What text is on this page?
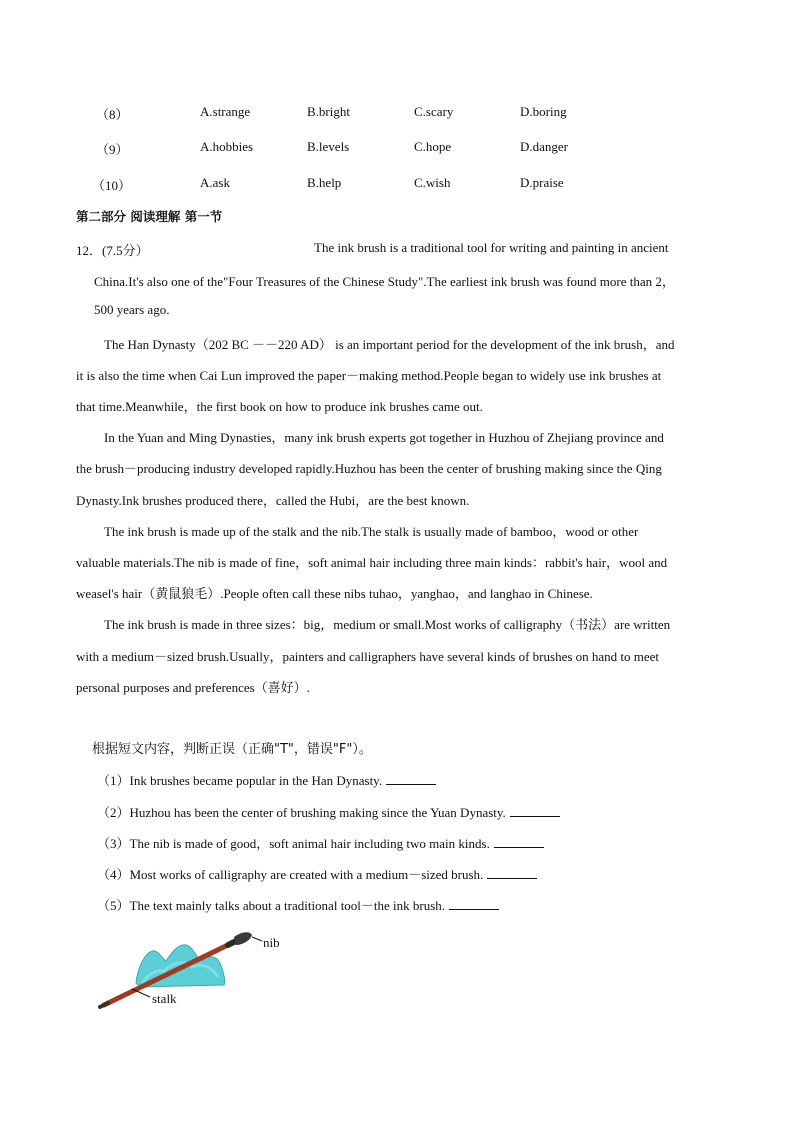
（8）	A.strange	B.bright	C.scary	D.boring
（9）	A.hobbies	B.levels	C.hope	D.danger
（10）	A.ask	B.help	C.wish	D.praise
第二部分 阅读理解 第一节
12．(7.5分）	The ink brush is a traditional tool for writing and painting in ancient
China.It's also one of the"Four Treasures of the Chinese Study".The earliest ink brush was found more than 2，
500 years ago.
The Han Dynasty（202 BC －－220 AD） is an important period for the development of the ink brush，and
it is also the time when Cai Lun improved the paper－making method.People began to widely use ink brushes at
that time.Meanwhile，the first book on how to produce ink brushes came out.
In the Yuan and Ming Dynasties，many ink brush experts got together in Huzhou of Zhejiang province and
the brush－producing industry developed rapidly.Huzhou has been the center of brushing making since the Qing
Dynasty.Ink brushes produced there，called the Hubi，are the best known.
The ink brush is made up of the stalk and the nib.The stalk is usually made of bamboo，wood or other
valuable materials.The nib is made of fine，soft animal hair including three main kinds：rabbit's hair，wool and
weasel's hair（黄鼠狼毛）.People often call these nibs tuhao，yanghao，and langhao in Chinese.
The ink brush is made in three sizes：big，medium or small.Most works of calligraphy（书法）are written
with a medium－sized brush.Usually，painters and calligraphers have several kinds of brushes on hand to meet
personal purposes and preferences（喜好）.
根据短文内容，判断正误（正确"T"，错误"F"）。
（1）Ink brushes became popular in the Han Dynasty.
（2）Huzhou has been the center of brushing making since the Yuan Dynasty.
（3）The nib is made of good，soft animal hair including two main kinds.
（4）Most works of calligraphy are created with a medium－sized brush.
（5）The text mainly talks about a traditional tool－the ink brush.
nib
stalk
